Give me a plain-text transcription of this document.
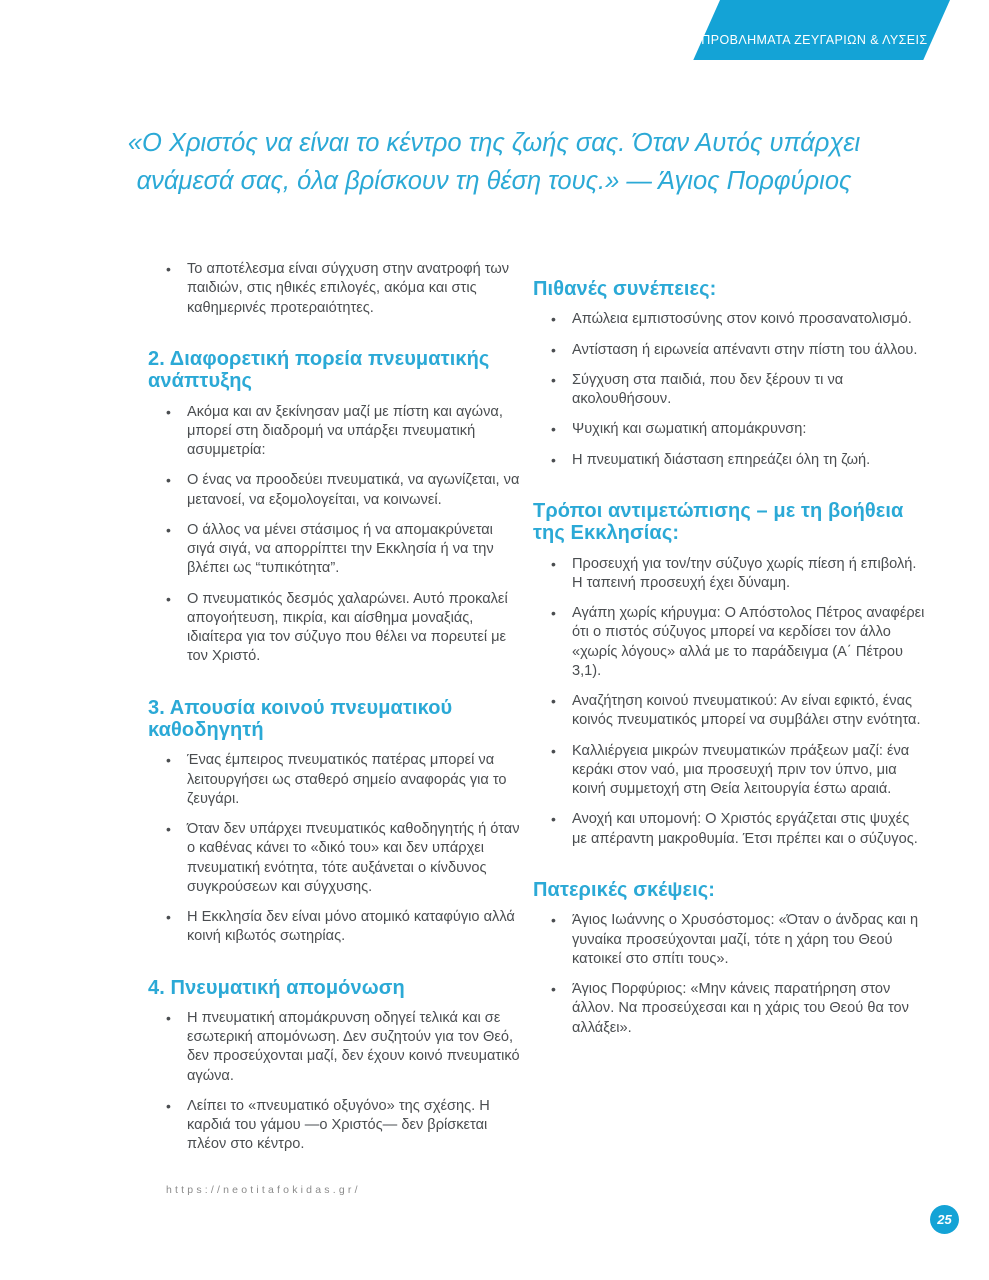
ΠΡΟΒΛΗΜΑΤΑ ΖΕΥΓΑΡΙΩΝ & ΛΥΣΕΙΣ
«Ο Χριστός να είναι το κέντρο της ζωής σας. Όταν Αυτός υπάρχει ανάμεσά σας, όλα βρίσκουν τη θέση τους.» — Άγιος Πορφύριος
• Το αποτέλεσμα είναι σύγχυση στην ανατροφή των παιδιών, στις ηθικές επιλογές, ακόμα και στις καθημερινές προτεραιότητες.
2. Διαφορετική πορεία πνευματικής ανάπτυξης
• Ακόμα και αν ξεκίνησαν μαζί με πίστη και αγώνα, μπορεί στη διαδρομή να υπάρξει πνευματική ασυμμετρία:
• Ο ένας να προοδεύει πνευματικά, να αγωνίζεται, να μετανοεί, να εξομολογείται, να κοινωνεί.
• Ο άλλος να μένει στάσιμος ή να απομακρύνεται σιγά σιγά, να απορρίπτει την Εκκλησία ή να την βλέπει ως “τυπικότητα”.
• Ο πνευματικός δεσμός χαλαρώνει. Αυτό προκαλεί απογοήτευση, πικρία, και αίσθημα μοναξιάς, ιδιαίτερα για τον σύζυγο που θέλει να πορευτεί με τον Χριστό.
3. Απουσία κοινού πνευματικού καθοδηγητή
• Ένας έμπειρος πνευματικός πατέρας μπορεί να λειτουργήσει ως σταθερό σημείο αναφοράς για το ζευγάρι.
• Όταν δεν υπάρχει πνευματικός καθοδηγητής ή όταν ο καθένας κάνει το «δικό του» και δεν υπάρχει πνευματική ενότητα, τότε αυξάνεται ο κίνδυνος συγκρούσεων και σύγχυσης.
• Η Εκκλησία δεν είναι μόνο ατομικό καταφύγιο αλλά κοινή κιβωτός σωτηρίας.
4. Πνευματική απομόνωση
• Η πνευματική απομάκρυνση οδηγεί τελικά και σε εσωτερική απομόνωση. Δεν συζητούν για τον Θεό, δεν προσεύχονται μαζί, δεν έχουν κοινό πνευματικό αγώνα.
• Λείπει το «πνευματικό οξυγόνο» της σχέσης. Η καρδιά του γάμου —ο Χριστός— δεν βρίσκεται πλέον στο κέντρο.
Πιθανές συνέπειες:
• Απώλεια εμπιστοσύνης στον κοινό προσανατολισμό.
• Αντίσταση ή ειρωνεία απέναντι στην πίστη του άλλου.
• Σύγχυση στα παιδιά, που δεν ξέρουν τι να ακολουθήσουν.
• Ψυχική και σωματική απομάκρυνση:
• Η πνευματική διάσταση επηρεάζει όλη τη ζωή.
Τρόποι αντιμετώπισης – με τη βοήθεια της Εκκλησίας:
• Προσευχή για τον/την σύζυγο χωρίς πίεση ή επιβολή. Η ταπεινή προσευχή έχει δύναμη.
• Αγάπη χωρίς κήρυγμα: Ο Απόστολος Πέτρος αναφέρει ότι ο πιστός σύζυγος μπορεί να κερδίσει τον άλλο «χωρίς λόγους» αλλά με το παράδειγμα (Α΄ Πέτρου 3,1).
• Αναζήτηση κοινού πνευματικού: Αν είναι εφικτό, ένας κοινός πνευματικός μπορεί να συμβάλει στην ενότητα.
• Καλλιέργεια μικρών πνευματικών πράξεων μαζί: ένα κεράκι στον ναό, μια προσευχή πριν τον ύπνο, μια κοινή συμμετοχή στη Θεία λειτουργία έστω αραιά.
• Ανοχή και υπομονή: Ο Χριστός εργάζεται στις ψυχές με απέραντη μακροθυμία. Έτσι πρέπει και ο σύζυγος.
Πατερικές σκέψεις:
• Άγιος Ιωάννης ο Χρυσόστομος: «Όταν ο άνδρας και η γυναίκα προσεύχονται μαζί, τότε η χάρη του Θεού κατοικεί στο σπίτι τους».
• Άγιος Πορφύριος: «Μην κάνεις παρατήρηση στον άλλον. Να προσεύχεσαι και η χάρις του Θεού θα τον αλλάξει».
https://neotitafokidas.gr/
25
